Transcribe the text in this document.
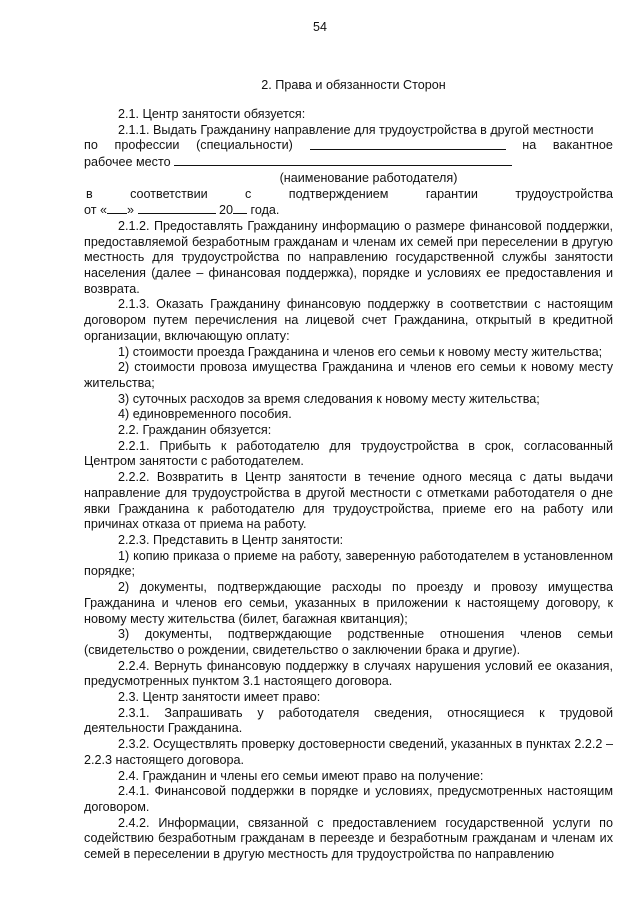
54
2. Права и обязанности Сторон

2.1. Центр занятости обязуется:

2.1.1. Выдать Гражданину направление для трудоустройства в другой местности

по профессии (специальности)	на вакантное
рабочее место

(наименование работодателя)

в	соответствии	с	подтверждением	гарантии	трудоустройства
от « »	20 года.

2.1.2. Предоставлять Гражданину информацию о размере финансовой поддержки, предоставляемой безработным гражданам и членам их семей при переселении в другую местность для трудоустройства по направлению государственной службы занятости населения (далее – финансовая поддержка), порядке и условиях ее предоставления и возврата.

2.1.3. Оказать Гражданину финансовую поддержку в соответствии с настоящим договором путем перечисления на лицевой счет Гражданина, открытый в кредитной организации, включающую оплату:

1) стоимости проезда Гражданина и членов его семьи к новому месту жительства;

2) стоимости провоза имущества Гражданина и членов его семьи к новому месту жительства;

3) суточных расходов за время следования к новому месту жительства;

4) единовременного пособия.

2.2. Гражданин обязуется:

2.2.1. Прибыть к работодателю для трудоустройства в срок, согласованный Центром занятости с работодателем.

2.2.2. Возвратить в Центр занятости в течение одного месяца с даты выдачи направление для трудоустройства в другой местности с отметками работодателя о дне явки Гражданина к работодателю для трудоустройства, приеме его на работу или причинах отказа от приема на работу.

2.2.3. Представить в Центр занятости:

1) копию приказа о приеме на работу, заверенную работодателем в установленном порядке;

2) документы, подтверждающие расходы по проезду и провозу имущества Гражданина и членов его семьи, указанных в приложении к настоящему договору, к новому месту жительства (билет, багажная квитанция);

3) документы, подтверждающие родственные отношения членов семьи (свидетельство о рождении, свидетельство о заключении брака и другие).

2.2.4. Вернуть финансовую поддержку в случаях нарушения условий ее оказания, предусмотренных пунктом 3.1 настоящего договора.

2.3. Центр занятости имеет право:

2.3.1. Запрашивать у работодателя сведения, относящиеся к трудовой деятельности Гражданина.

2.3.2. Осуществлять проверку достоверности сведений, указанных в пунктах 2.2.2 – 2.2.3 настоящего договора.

2.4. Гражданин и члены его семьи имеют право на получение:

2.4.1. Финансовой поддержки в порядке и условиях, предусмотренных настоящим договором.

2.4.2. Информации, связанной с предоставлением государственной услуги по содействию безработным гражданам в переезде и безработным гражданам и членам их семей в переселении в другую местность для трудоустройства по направлению
